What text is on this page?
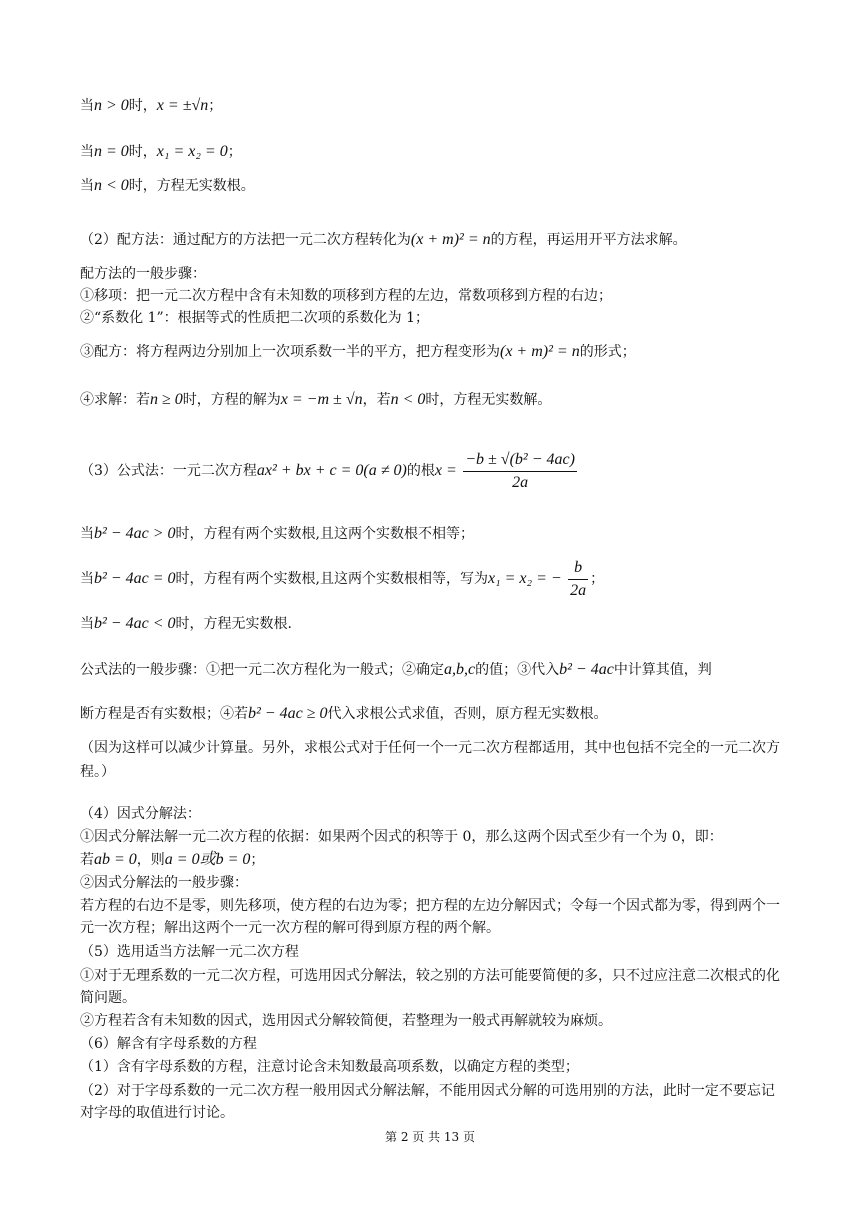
当n > 0时，x = ±√n；
当n = 0时，x₁ = x₂ = 0；
当n < 0时，方程无实数根。
（2）配方法：通过配方的方法把一元二次方程转化为(x + m)² = n的方程，再运用开平方法求解。
配方法的一般步骤：
①移项：把一元二次方程中含有未知数的项移到方程的左边，常数项移到方程的右边；
②“系数化 1”：根据等式的性质把二次项的系数化为 1；
③配方：将方程两边分别加上一次项系数一半的平方，把方程变形为(x + m)² = n的形式；
④求解：若n ≥ 0时，方程的解为x = −m ± √n，若n < 0时，方程无实数解。
（3）公式法：一元二次方程ax² + bx + c = 0(a ≠ 0)的根$x = \frac{\text{−b ± √(b² − 4ac)}}{2a}$
当b² − 4ac > 0时，方程有两个实数根,且这两个实数根不相等；
当b² − 4ac = 0时，方程有两个实数根,且这两个实数根相等，写为x₁ = x₂ = − $\frac{b}{2a}$ ；
当b² − 4ac < 0时，方程无实数根.
公式法的一般步骤：①把一元二次方程化为一般式；②确定a,b,c的值；③代入b² − 4ac中计算其值，判
断方程是否有实数根；④若b² − 4ac ≥ 0代入求根公式求值，否则，原方程无实数根。
（因为这样可以减少计算量。另外，求根公式对于任何一个一元二次方程都适用，其中也包括不完全的一元二次方程。）
（4）因式分解法：
①因式分解法解一元二次方程的依据：如果两个因式的积等于 0，那么这两个因式至少有一个为 0，即：
若ab = 0，则a = 0或b = 0；
②因式分解法的一般步骤：
若方程的右边不是零，则先移项，使方程的右边为零；把方程的左边分解因式；令每一个因式都为零，得到两个一元一次方程；解出这两个一元一次方程的解可得到原方程的两个解。
（5）选用适当方法解一元二次方程
①对于无理系数的一元二次方程，可选用因式分解法，较之别的方法可能要简便的多，只不过应注意二次根式的化简问题。
②方程若含有未知数的因式，选用因式分解较简便，若整理为一般式再解就较为麻烦。
（6）解含有字母系数的方程
（1）含有字母系数的方程，注意讨论含未知数最高项系数，以确定方程的类型；
（2）对于字母系数的一元二次方程一般用因式分解法解，不能用因式分解的可选用别的方法，此时一定不要忘记对字母的取值进行讨论。
第 2 页 共 13 页
